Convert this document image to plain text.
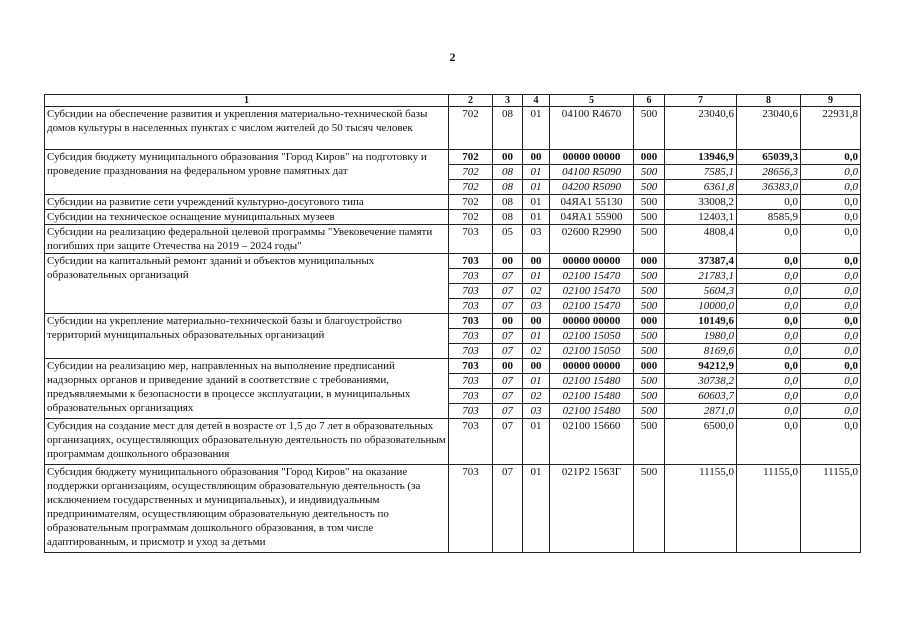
2
1	2	3	4	5	6	7	8	9
Субсидии на обеспечение развития и укрепления материально-технической базы домов культуры в населенных пунктах с числом жителей до 50 тысяч человек	702	08	01	04100 R4670	500	23040,6	23040,6	22931,8
Субсидия бюджету муниципального образования "Город Киров" на подготовку и проведение празднования на федеральном уровне памятных дат	702	00	00	00000 00000	000	13946,9	65039,3	0,0
	702	08	01	04100 R5090	500	7585,1	28656,3	0,0
	702	08	01	04200 R5090	500	6361,8	36383,0	0,0
Субсидии на развитие сети учреждений культурно-досугового типа	702	08	01	04ЯА1 55130	500	33008,2	0,0	0,0
Субсидии на техническое оснащение муниципальных музеев	702	08	01	04ЯА1 55900	500	12403,1	8585,9	0,0
Субсидии на реализацию федеральной целевой программы "Увековечение памяти погибших при защите Отечества на 2019 – 2024 годы"	703	05	03	02600 R2990	500	4808,4	0,0	0,0
Субсидии на капитальный ремонт зданий и объектов муниципальных образовательных организаций	703	00	00	00000 00000	000	37387,4	0,0	0,0
	703	07	01	02100 15470	500	21783,1	0,0	0,0
	703	07	02	02100 15470	500	5604,3	0,0	0,0
	703	07	03	02100 15470	500	10000,0	0,0	0,0
Субсидии на укрепление материально-технической базы и благоустройство территорий муниципальных образовательных организаций	703	00	00	00000 00000	000	10149,6	0,0	0,0
	703	07	01	02100 15050	500	1980,0	0,0	0,0
	703	07	02	02100 15050	500	8169,6	0,0	0,0
Субсидии на реализацию мер, направленных на выполнение предписаний надзорных органов и приведение зданий в соответствие с требованиями, предъявляемыми к безопасности в процессе эксплуатации, в муниципальных образовательных организациях	703	00	00	00000 00000	000	94212,9	0,0	0,0
	703	07	01	02100 15480	500	30738,2	0,0	0,0
	703	07	02	02100 15480	500	60603,7	0,0	0,0
	703	07	03	02100 15480	500	2871,0	0,0	0,0
Субсидия на создание мест для детей в возрасте от 1,5 до 7 лет в образовательных организациях, осуществляющих образовательную деятельность по образовательным программам дошкольного образования	703	07	01	02100 15660	500	6500,0	0,0	0,0
Субсидия бюджету муниципального образования "Город Киров" на оказание поддержки организациям, осуществляющим образовательную деятельность (за исключением государственных и муниципальных), и индивидуальным предпринимателям, осуществляющим образовательную деятельность по образовательным программам дошкольного образования, в том числе адаптированным, и присмотр и уход за детьми	703	07	01	021Р2 1563Г	500	11155,0	11155,0	11155,0
